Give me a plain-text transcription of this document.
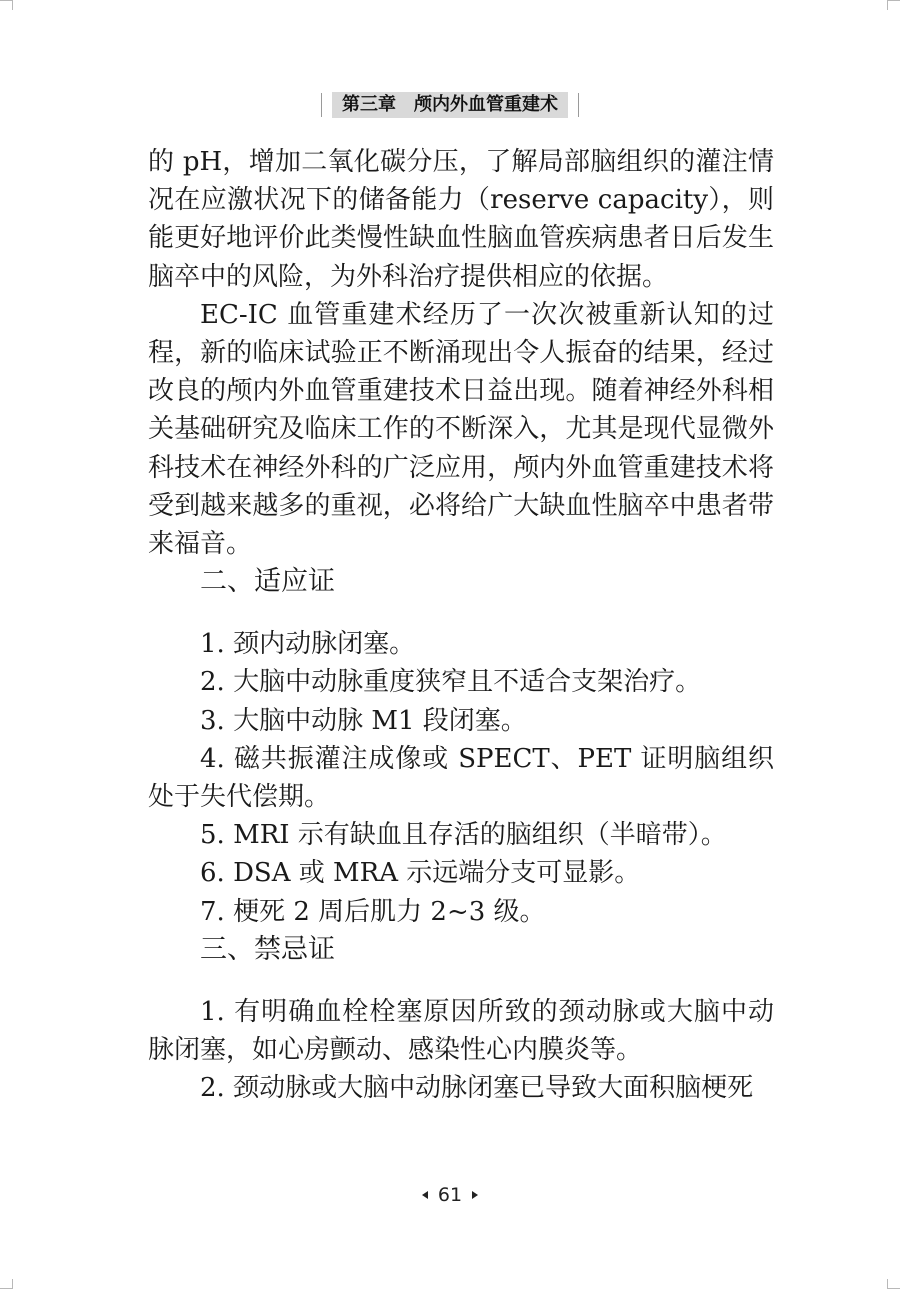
第三章 颅内外血管重建术

的 pH，增加二氧化碳分压，了解局部脑组织的灌注情况在应激状况下的储备能力（reserve capacity），则能更好地评价此类慢性缺血性脑血管疾病患者日后发生脑卒中的风险，为外科治疗提供相应的依据。

EC-IC 血管重建术经历了一次次被重新认知的过程，新的临床试验正不断涌现出令人振奋的结果，经过改良的颅内外血管重建技术日益出现。随着神经外科相关基础研究及临床工作的不断深入，尤其是现代显微外科技术在神经外科的广泛应用，颅内外血管重建技术将受到越来越多的重视，必将给广大缺血性脑卒中患者带来福音。

二、适应证

1. 颈内动脉闭塞。

2. 大脑中动脉重度狭窄且不适合支架治疗。

3. 大脑中动脉 M1 段闭塞。

4. 磁共振灌注成像或 SPECT、PET 证明脑组织处于失代偿期。

5. MRI 示有缺血且存活的脑组织（半暗带）。

6. DSA 或 MRA 示远端分支可显影。

7. 梗死 2 周后肌力 2~3 级。

三、禁忌证

1. 有明确血栓栓塞原因所致的颈动脉或大脑中动脉闭塞，如心房颤动、感染性心内膜炎等。

2. 颈动脉或大脑中动脉闭塞已导致大面积脑梗死

61
